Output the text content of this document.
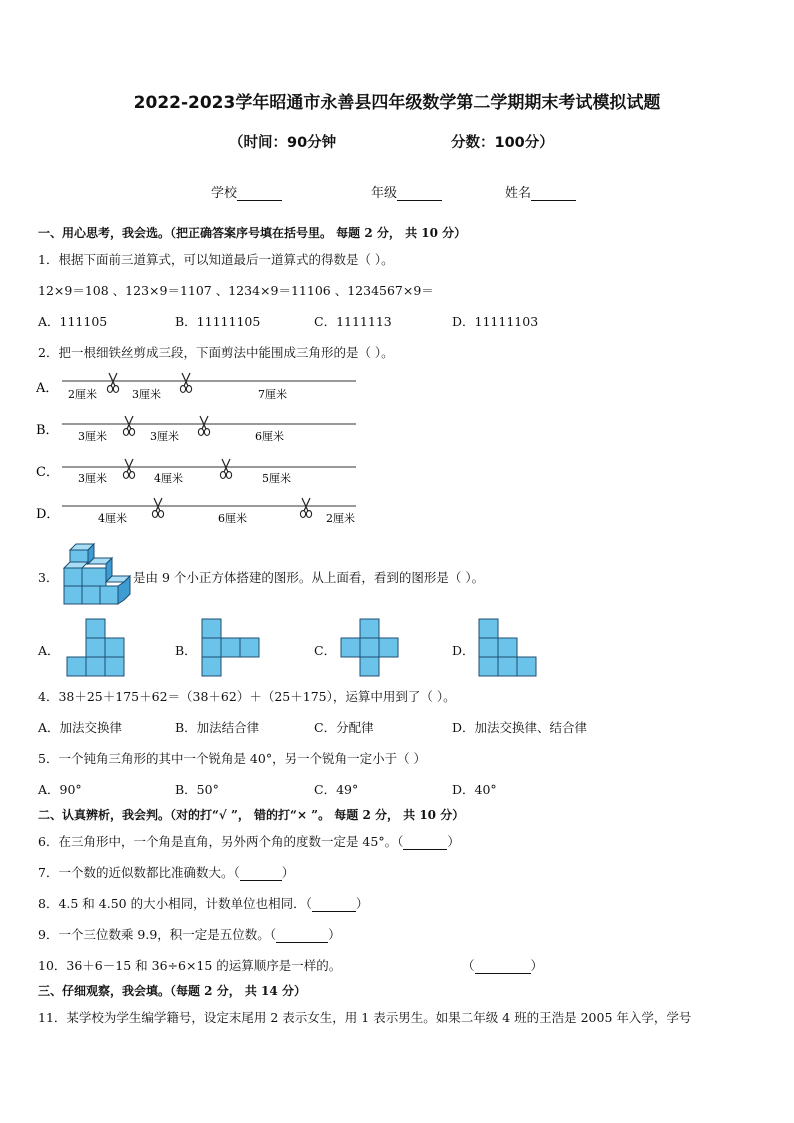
2022-2023学年昭通市永善县四年级数学第二学期期末考试模拟试题
（时间：90分钟	分数：100分）
学校	年级	姓名
一、用心思考，我会选。（把正确答案序号填在括号里。 每题 2 分， 共 10 分）
1．根据下面前三道算式，可以知道最后一道算式的得数是（ ）。
12×9＝108 、123×9＝1107 、1234×9＝11106 、1234567×9＝
A．111105	B．11111105	C．1111113	D．11111103
2．把一根细铁丝剪成三段，下面剪法中能围成三角形的是（ ）。
A． 2厘米	3厘米	7厘米
B． 3厘米	3厘米	6厘米
C． 3厘米	4厘米	5厘米
D．	4厘米	6厘米	2厘米
3．	是由 9 个小正方体搭建的图形。从上面看，看到的图形是（ ）。
A．	B．	C．	D．
4．38＋25＋175＋62＝（38＋62）＋（25＋175），运算中用到了（ ）。
A．加法交换律	B．加法结合律	C．分配律	D．加法交换律、结合律
5．一个钝角三角形的其中一个锐角是 40°，另一个锐角一定小于（ ）
A．90°	B．50°	C．49°	D．40°
二、认真辨析，我会判。（对的打“√ ”， 错的打“× ”。 每题 2 分， 共 10 分）
6．在三角形中，一个角是直角，另外两个角的度数一定是 45°。（	）
7．一个数的近似数都比准确数大。（	）
8．4.5 和 4.50 的大小相同，计数单位也相同．（	）
9．一个三位数乘 9.9，积一定是五位数。（	）
10．36＋6－15 和 36÷6×15 的运算顺序是一样的。	（	）
三、仔细观察，我会填。（每题 2 分， 共 14 分）
11．某学校为学生编学籍号，设定末尾用 2 表示女生，用 1 表示男生。如果二年级 4 班的王浩是 2005 年入学，学号
